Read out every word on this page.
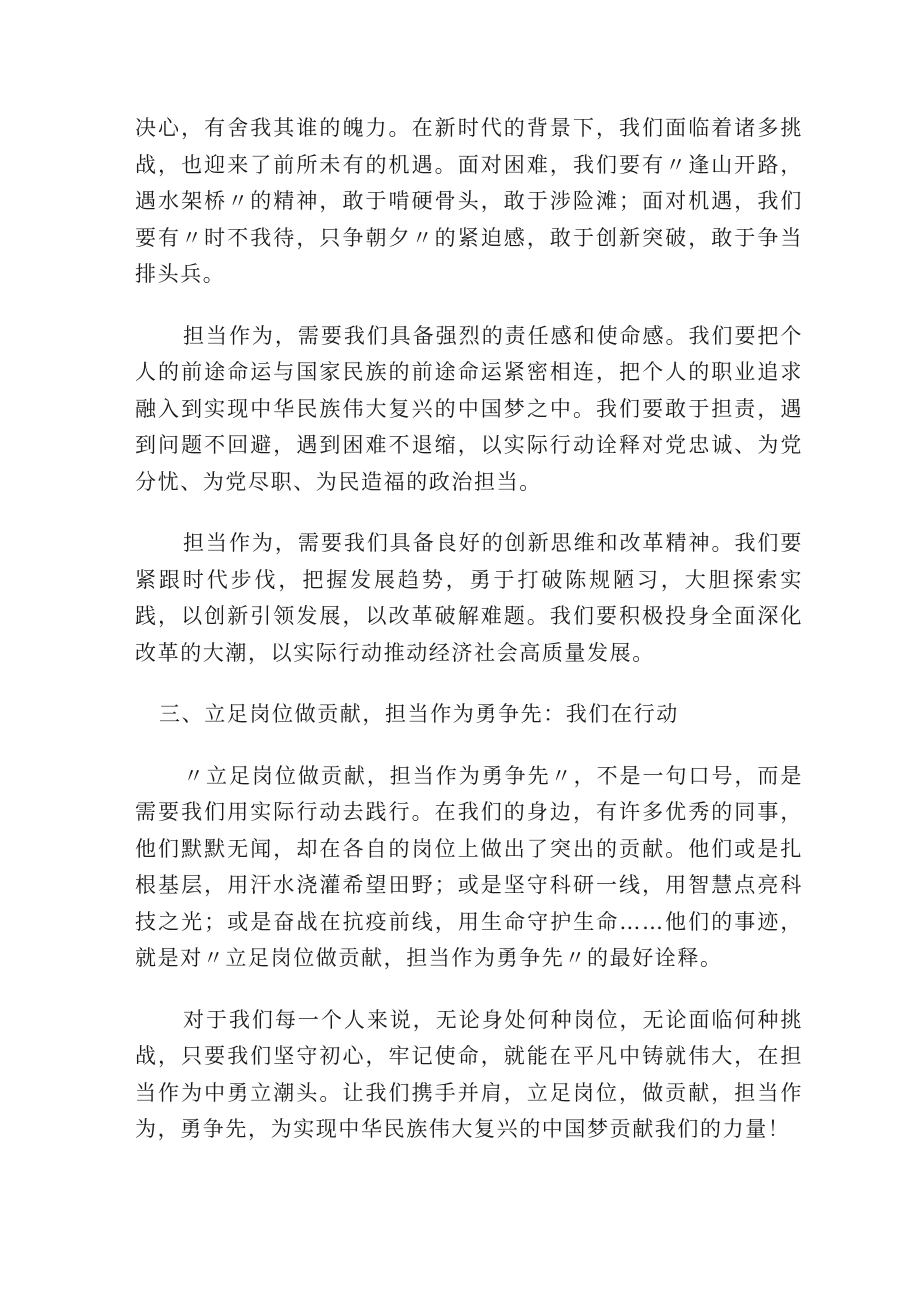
决心，有舍我其谁的魄力。在新时代的背景下，我们面临着诸多挑战，也迎来了前所未有的机遇。面对困难，我们要有〃逢山开路，遇水架桥〃的精神，敢于啃硬骨头，敢于涉险滩；面对机遇，我们要有〃时不我待，只争朝夕〃的紧迫感，敢于创新突破，敢于争当排头兵。

担当作为，需要我们具备强烈的责任感和使命感。我们要把个人的前途命运与国家民族的前途命运紧密相连，把个人的职业追求融入到实现中华民族伟大复兴的中国梦之中。我们要敢于担责，遇到问题不回避，遇到困难不退缩，以实际行动诠释对党忠诚、为党分忧、为党尽职、为民造福的政治担当。

担当作为，需要我们具备良好的创新思维和改革精神。我们要紧跟时代步伐，把握发展趋势，勇于打破陈规陋习，大胆探索实践，以创新引领发展，以改革破解难题。我们要积极投身全面深化改革的大潮，以实际行动推动经济社会高质量发展。

三、立足岗位做贡献，担当作为勇争先：我们在行动

〃立足岗位做贡献，担当作为勇争先〃，不是一句口号，而是需要我们用实际行动去践行。在我们的身边，有许多优秀的同事，他们默默无闻，却在各自的岗位上做出了突出的贡献。他们或是扎根基层，用汗水浇灌希望田野；或是坚守科研一线，用智慧点亮科技之光；或是奋战在抗疫前线，用生命守护生命……他们的事迹，就是对〃立足岗位做贡献，担当作为勇争先〃的最好诠释。

对于我们每一个人来说，无论身处何种岗位，无论面临何种挑战，只要我们坚守初心，牢记使命，就能在平凡中铸就伟大，在担当作为中勇立潮头。让我们携手并肩，立足岗位，做贡献，担当作为，勇争先，为实现中华民族伟大复兴的中国梦贡献我们的力量！
